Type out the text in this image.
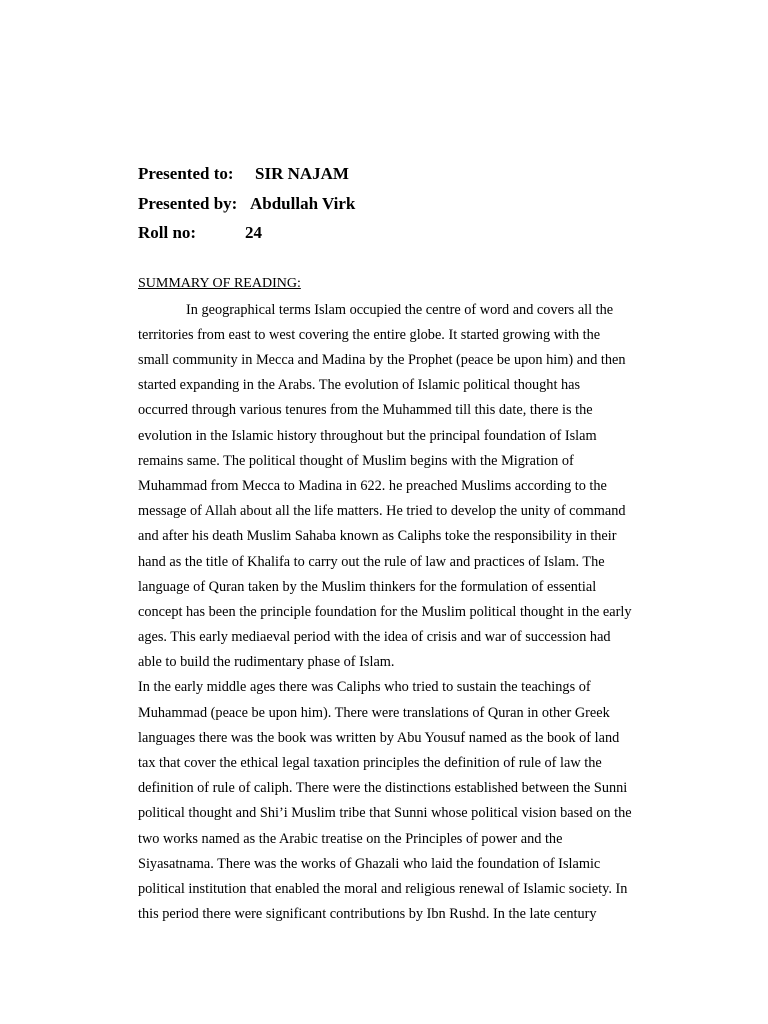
Presented to: SIR NAJAM
Presented by: Abdullah Virk
Roll no:	24
SUMMARY OF READING:
In geographical terms Islam occupied the centre of word and covers all the
territories from east to west covering the entire globe. It started growing with the
small community in Mecca and Madina by the Prophet (peace be upon him) and then
started expanding in the Arabs. The evolution of Islamic political thought has
occurred through various tenures from the Muhammed till this date, there is the
evolution in the Islamic history throughout but the principal foundation of Islam
remains same. The political thought of Muslim begins with the Migration of
Muhammad from Mecca to Madina in 622. he preached Muslims according to the
message of Allah about all the life matters. He tried to develop the unity of command
and after his death Muslim Sahaba known as Caliphs toke the responsibility in their
hand as the title of Khalifa to carry out the rule of law and practices of Islam. The
language of Quran taken by the Muslim thinkers for the formulation of essential
concept has been the principle foundation for the Muslim political thought in the early
ages. This early mediaeval period with the idea of crisis and war of succession had
able to build the rudimentary phase of Islam.
In the early middle ages there was Caliphs who tried to sustain the teachings of
Muhammad (peace be upon him). There were translations of Quran in other Greek
languages there was the book was written by Abu Yousuf named as the book of land
tax that cover the ethical legal taxation principles the definition of rule of law the
definition of rule of caliph. There were the distinctions established between the Sunni
political thought and Shi’i Muslim tribe that Sunni whose political vision based on the
two works named as the Arabic treatise on the Principles of power and the
Siyasatnama. There was the works of Ghazali who laid the foundation of Islamic
political institution that enabled the moral and religious renewal of Islamic society. In
this period there were significant contributions by Ibn Rushd. In the late century
